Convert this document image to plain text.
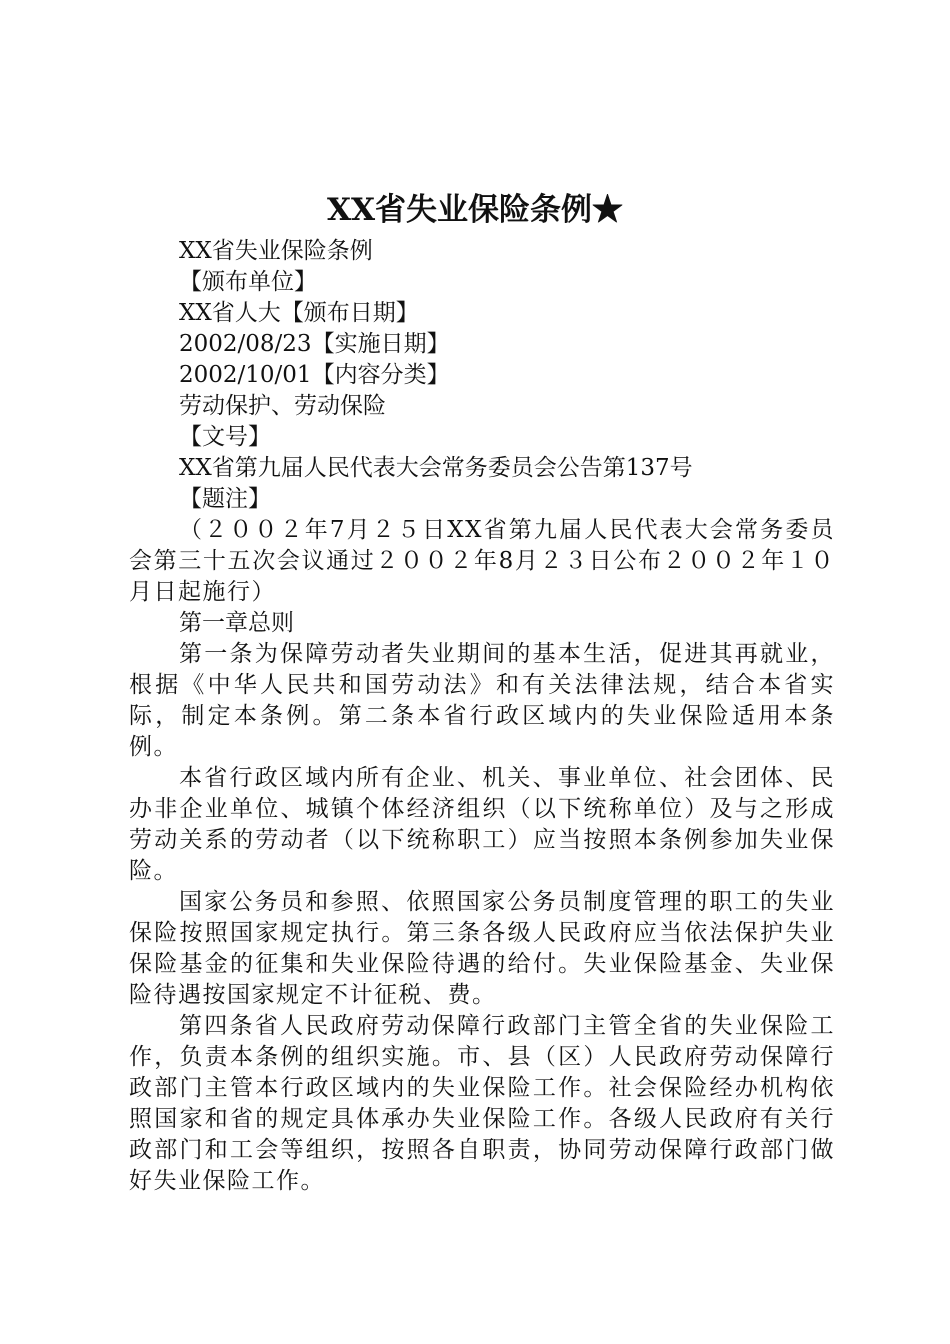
XX省失业保险条例★

XX省失业保险条例

【颁布单位】

XX省人大【颁布日期】

2002/08/23【实施日期】

2002/10/01【内容分类】

劳动保护、劳动保险

【文号】

XX省第九届人民代表大会常务委员会公告第137号

【题注】

（２００２年7月２５日XX省第九届人民代表大会常务委员会第三十五次会议通过２００２年8月２３日公布２００２年１０月日起施行）

第一章总则

第一条为保障劳动者失业期间的基本生活，促进其再就业，根据《中华人民共和国劳动法》和有关法律法规，结合本省实际，制定本条例。第二条本省行政区域内的失业保险适用本条例。

本省行政区域内所有企业、机关、事业单位、社会团体、民办非企业单位、城镇个体经济组织（以下统称单位）及与之形成劳动关系的劳动者（以下统称职工）应当按照本条例参加失业保险。

国家公务员和参照、依照国家公务员制度管理的职工的失业保险按照国家规定执行。第三条各级人民政府应当依法保护失业保险基金的征集和失业保险待遇的给付。失业保险基金、失业保险待遇按国家规定不计征税、费。

第四条省人民政府劳动保障行政部门主管全省的失业保险工作，负责本条例的组织实施。市、县（区）人民政府劳动保障行政部门主管本行政区域内的失业保险工作。社会保险经办机构依照国家和省的规定具体承办失业保险工作。各级人民政府有关行政部门和工会等组织，按照各自职责，协同劳动保障行政部门做好失业保险工作。
